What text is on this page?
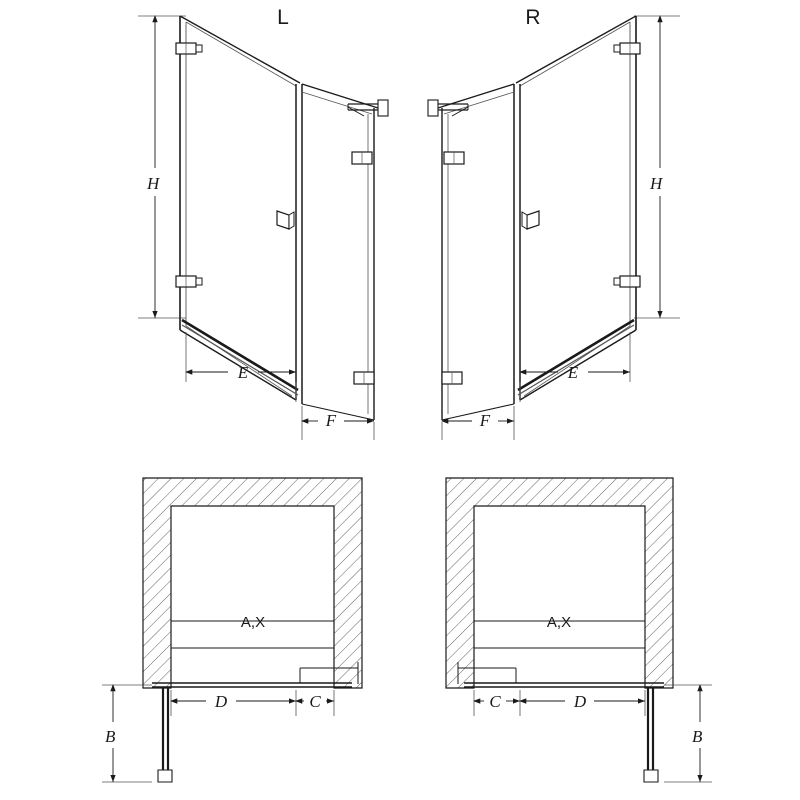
H
L
E
F
H
R
E
F
A,X
D	C
B
A,X
C	D
B
